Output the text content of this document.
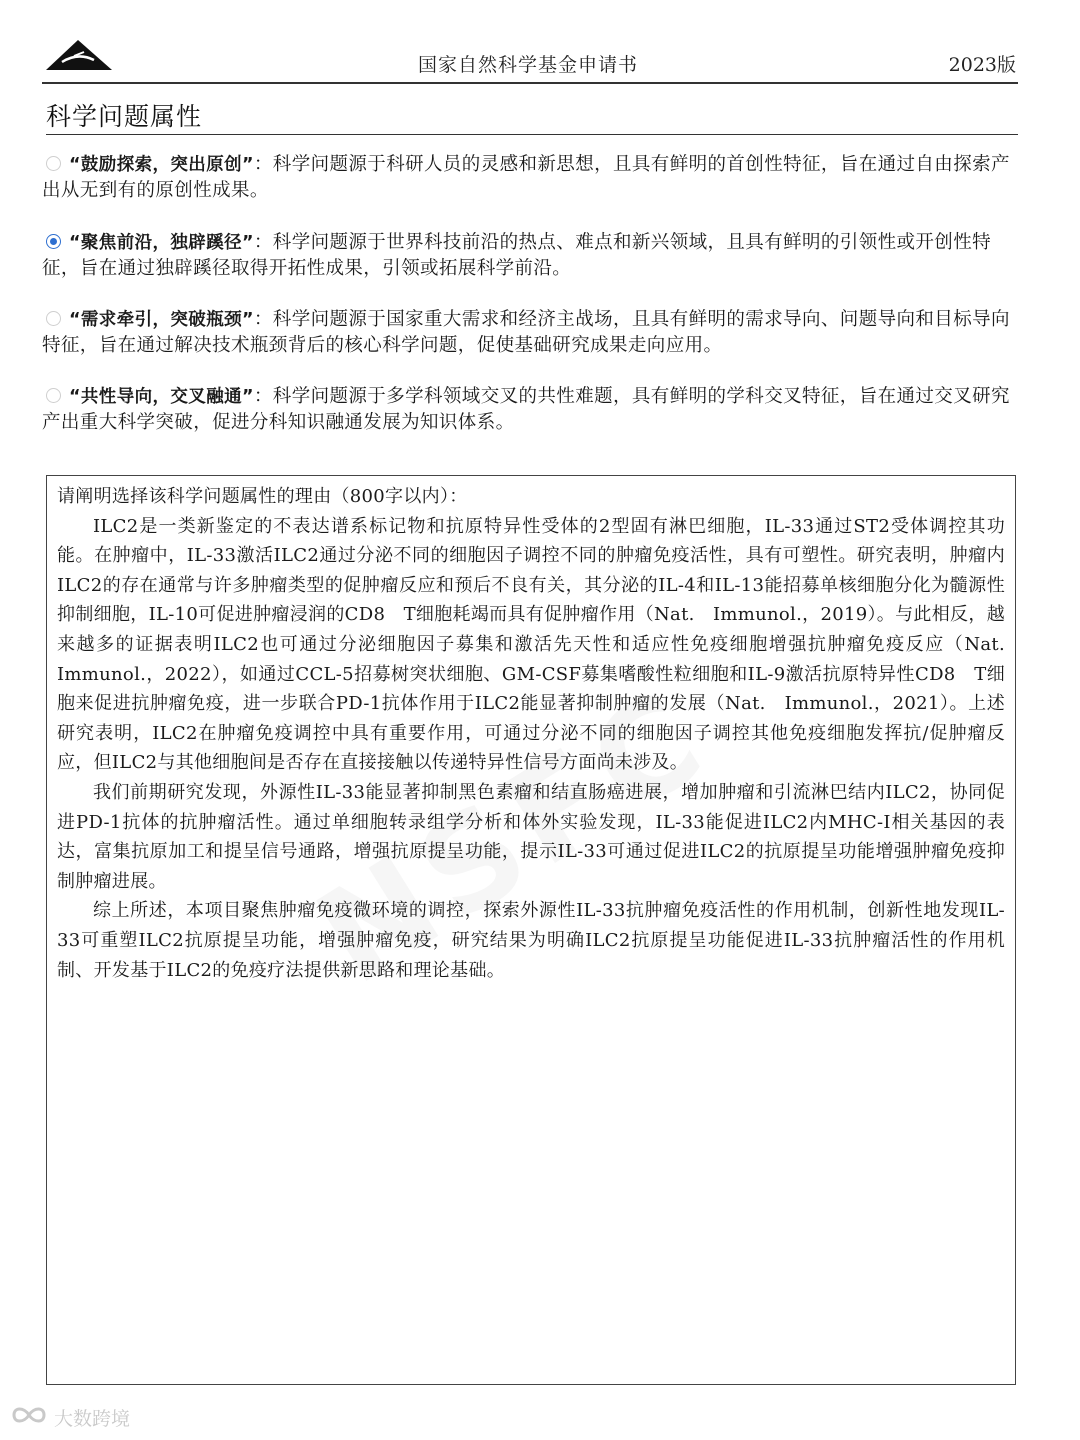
国家自然科学基金申请书	2023版
科学问题属性
“鼓励探索，突出原创”：科学问题源于科研人员的灵感和新思想，且具有鲜明的首创性特征，旨在通过自由探索产出从无到有的原创性成果。
“聚焦前沿，独辟蹊径”：科学问题源于世界科技前沿的热点、难点和新兴领域，且具有鲜明的引领性或开创性特征，旨在通过独辟蹊径取得开拓性成果，引领或拓展科学前沿。
“需求牵引，突破瓶颈”：科学问题源于国家重大需求和经济主战场，且具有鲜明的需求导向、问题导向和目标导向特征，旨在通过解决技术瓶颈背后的核心科学问题，促使基础研究成果走向应用。
“共性导向，交叉融通”：科学问题源于多学科领域交叉的共性难题，具有鲜明的学科交叉特征，旨在通过交叉研究产出重大科学突破，促进分科知识融通发展为知识体系。

请阐明选择该科学问题属性的理由（800字以内）：

ILC2是一类新鉴定的不表达谱系标记物和抗原特异性受体的2型固有淋巴细胞，IL-33通过ST2受体调控其功能。在肿瘤中，IL-33激活ILC2通过分泌不同的细胞因子调控不同的肿瘤免疫活性，具有可塑性。研究表明，肿瘤内ILC2的存在通常与许多肿瘤类型的促肿瘤反应和预后不良有关，其分泌的IL-4和IL-13能招募单核细胞分化为髓源性抑制细胞，IL-10可促进肿瘤浸润的CD8　T细胞耗竭而具有促肿瘤作用（Nat.　Immunol.，2019）。与此相反，越来越多的证据表明ILC2也可通过分泌细胞因子募集和激活先天性和适应性免疫细胞增强抗肿瘤免疫反应（Nat.　Immunol.，2022），如通过CCL-5招募树突状细胞、GM-CSF募集嗜酸性粒细胞和IL-9激活抗原特异性CD8　T细胞来促进抗肿瘤免疫，进一步联合PD-1抗体作用于ILC2能显著抑制肿瘤的发展（Nat.　Immunol.，2021）。上述研究表明，ILC2在肿瘤免疫调控中具有重要作用，可通过分泌不同的细胞因子调控其他免疫细胞发挥抗/促肿瘤反应，但ILC2与其他细胞间是否存在直接接触以传递特异性信号方面尚未涉及。

我们前期研究发现，外源性IL-33能显著抑制黑色素瘤和结直肠癌进展，增加肿瘤和引流淋巴结内ILC2，协同促进PD-1抗体的抗肿瘤活性。通过单细胞转录组学分析和体外实验发现，IL-33能促进ILC2内MHC-I相关基因的表达，富集抗原加工和提呈信号通路，增强抗原提呈功能，提示IL-33可通过促进ILC2的抗原提呈功能增强肿瘤免疫抑制肿瘤进展。

综上所述，本项目聚焦肿瘤免疫微环境的调控，探索外源性IL-33抗肿瘤免疫活性的作用机制，创新性地发现IL-33可重塑ILC2抗原提呈功能，增强肿瘤免疫，研究结果为明确ILC2抗原提呈功能促进IL-33抗肿瘤活性的作用机制、开发基于ILC2的免疫疗法提供新思路和理论基础。

大数跨境
